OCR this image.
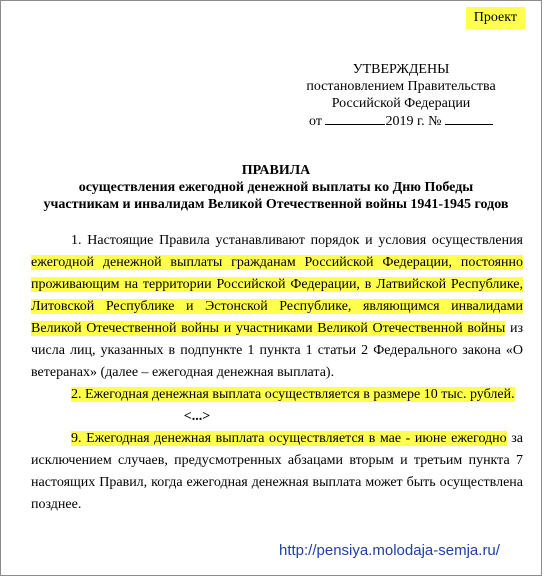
Проект
УТВЕРЖДЕНЫ
постановлением Правительства
Российской Федерации
от	2019 г. №
ПРАВИЛА
осуществления ежегодной денежной выплаты ко Дню Победы
участникам и инвалидам Великой Отечественной войны 1941-1945 годов

1. Настоящие Правила устанавливают порядок и условия осуществления ежегодной денежной выплаты гражданам Российской Федерации, постоянно проживающим на территории Российской Федерации, в Латвийской Республике, Литовской Республике и Эстонской Республике, являющимся инвалидами Великой Отечественной войны и участниками Великой Отечественной войны из числа лиц, указанных в подпункте 1 пункта 1 статьи 2 Федерального закона «О ветеранах» (далее – ежегодная денежная выплата).

2. Ежегодная денежная выплата осуществляется в размере 10 тыс. рублей.

<...>

9. Ежегодная денежная выплата осуществляется в мае - июне ежегодно за исключением случаев, предусмотренных абзацами вторым и третьим пункта 7 настоящих Правил, когда ежегодная денежная выплата может быть осуществлена позднее.

http://pensiya.molodaja-semja.ru/
